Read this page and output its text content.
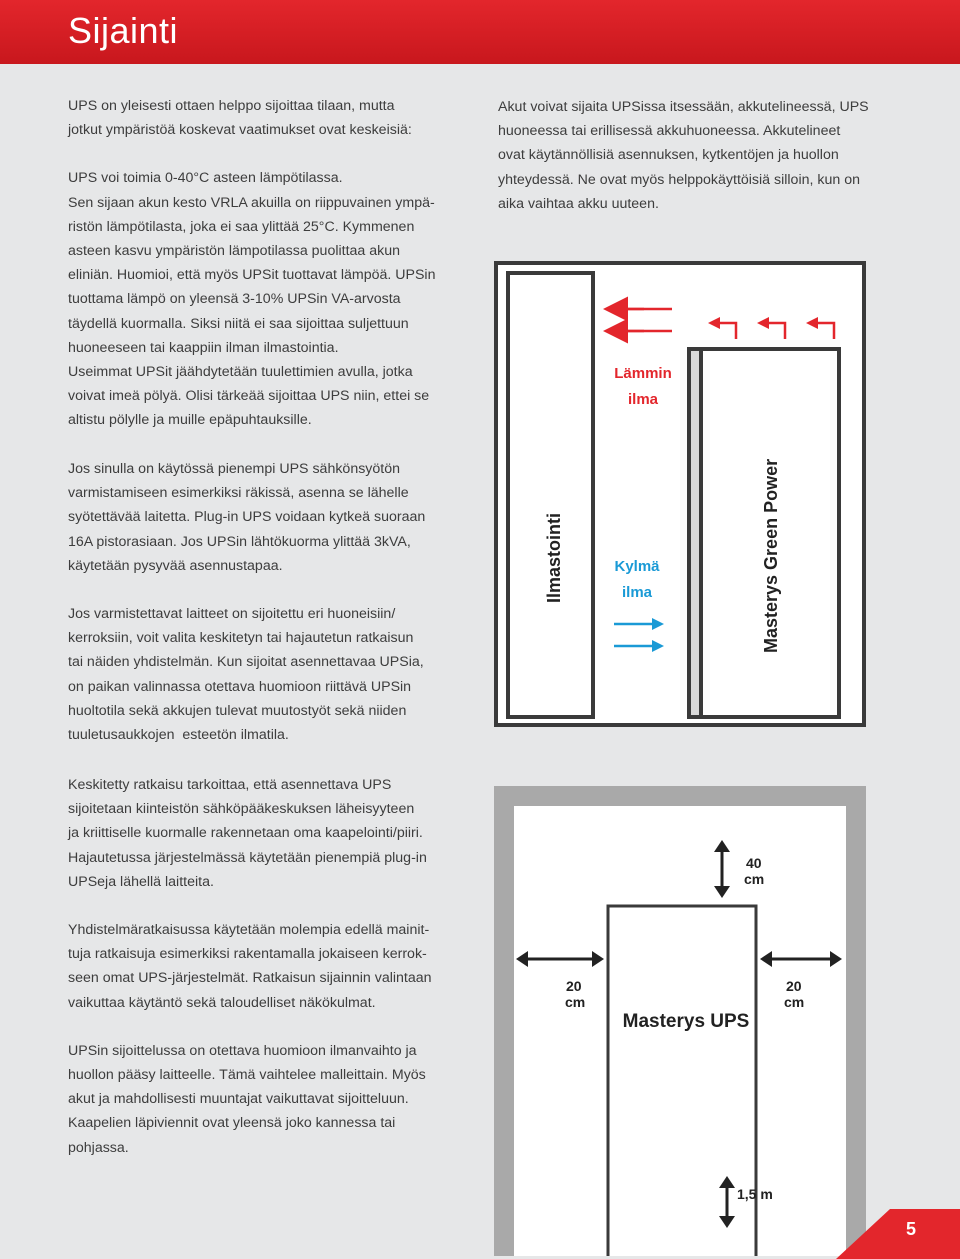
Sijainti

UPS on yleisesti ottaen helppo sijoittaa tilaan, mutta

jotkut ympäristöä koskevat vaatimukset ovat keskeisiä:

UPS voi toimia 0-40°C asteen lämpötilassa.

Sen sijaan akun kesto VRLA akuilla on riippuvainen ympä-

ristön lämpötilasta, joka ei saa ylittää 25°C. Kymmenen

asteen kasvu ympäristön lämpotilassa puolittaa akun

eliniän. Huomioi, että myös UPSit tuottavat lämpöä. UPSin

tuottama lämpö on yleensä 3-10% UPSin VA-arvosta

täydellä kuormalla. Siksi niitä ei saa sijoittaa suljettuun

huoneeseen tai kaappiin ilman ilmastointia.

Useimmat UPSit jäähdytetään tuulettimien avulla, jotka

voivat imeä pölyä. Olisi tärkeää sijoittaa UPS niin, ettei se

altistu pölylle ja muille epäpuhtauksille.

Jos sinulla on käytössä pienempi UPS sähkönsyötön

varmistamiseen esimerkiksi räkissä, asenna se lähelle

syötettävää laitetta. Plug-in UPS voidaan kytkeä suoraan

16A pistorasiaan. Jos UPSin lähtökuorma ylittää 3kVA,

käytetään pysyvää asennustapaa.

Jos varmistettavat laitteet on sijoitettu eri huoneisiin/

kerroksiin, voit valita keskitetyn tai hajautetun ratkaisun

tai näiden yhdistelmän. Kun sijoitat asennettavaa UPSia,

on paikan valinnassa otettava huomioon riittävä UPSin

huoltotila sekä akkujen tulevat muutostyöt sekä niiden

tuuletusaukkojen  esteetön ilmatila.

Keskitetty ratkaisu tarkoittaa, että asennettava UPS

sijoitetaan kiinteistön sähköpääkeskuksen läheisyyteen

ja kriittiselle kuormalle rakennetaan oma kaapelointi/piiri.

Hajautetussa järjestelmässä käytetään pienempiä plug-in

UPSeja lähellä laitteita.

Yhdistelmäratkaisussa käytetään molempia edellä mainit-

tuja ratkaisuja esimerkiksi rakentamalla jokaiseen kerrok-

seen omat UPS-järjestelmät. Ratkaisun sijainnin valintaan

vaikuttaa käytäntö sekä taloudelliset näkökulmat.

UPSin sijoittelussa on otettava huomioon ilmanvaihto ja

huollon pääsy laitteelle. Tämä vaihtelee malleittain. Myös

akut ja mahdollisesti muuntajat vaikuttavat sijoitteluun.

Kaapelien läpiviennit ovat yleensä joko kannessa tai

pohjassa.

Akut voivat sijaita UPSissa itsessään, akkutelineessä, UPS

huoneessa tai erillisessä akkuhuoneessa. Akkutelineet

ovat käytännöllisiä asennuksen, kytkentöjen ja huollon

yhteydessä. Ne ovat myös helppokäyttöisiä silloin, kun on

aika vaihtaa akku uuteen.

Ilmastointi	Masterys Green Power
Lämmin
ilma
Kylmä
ilma
Masterys UPS
40
cm
20
cm
20
cm
1,5 m
5
